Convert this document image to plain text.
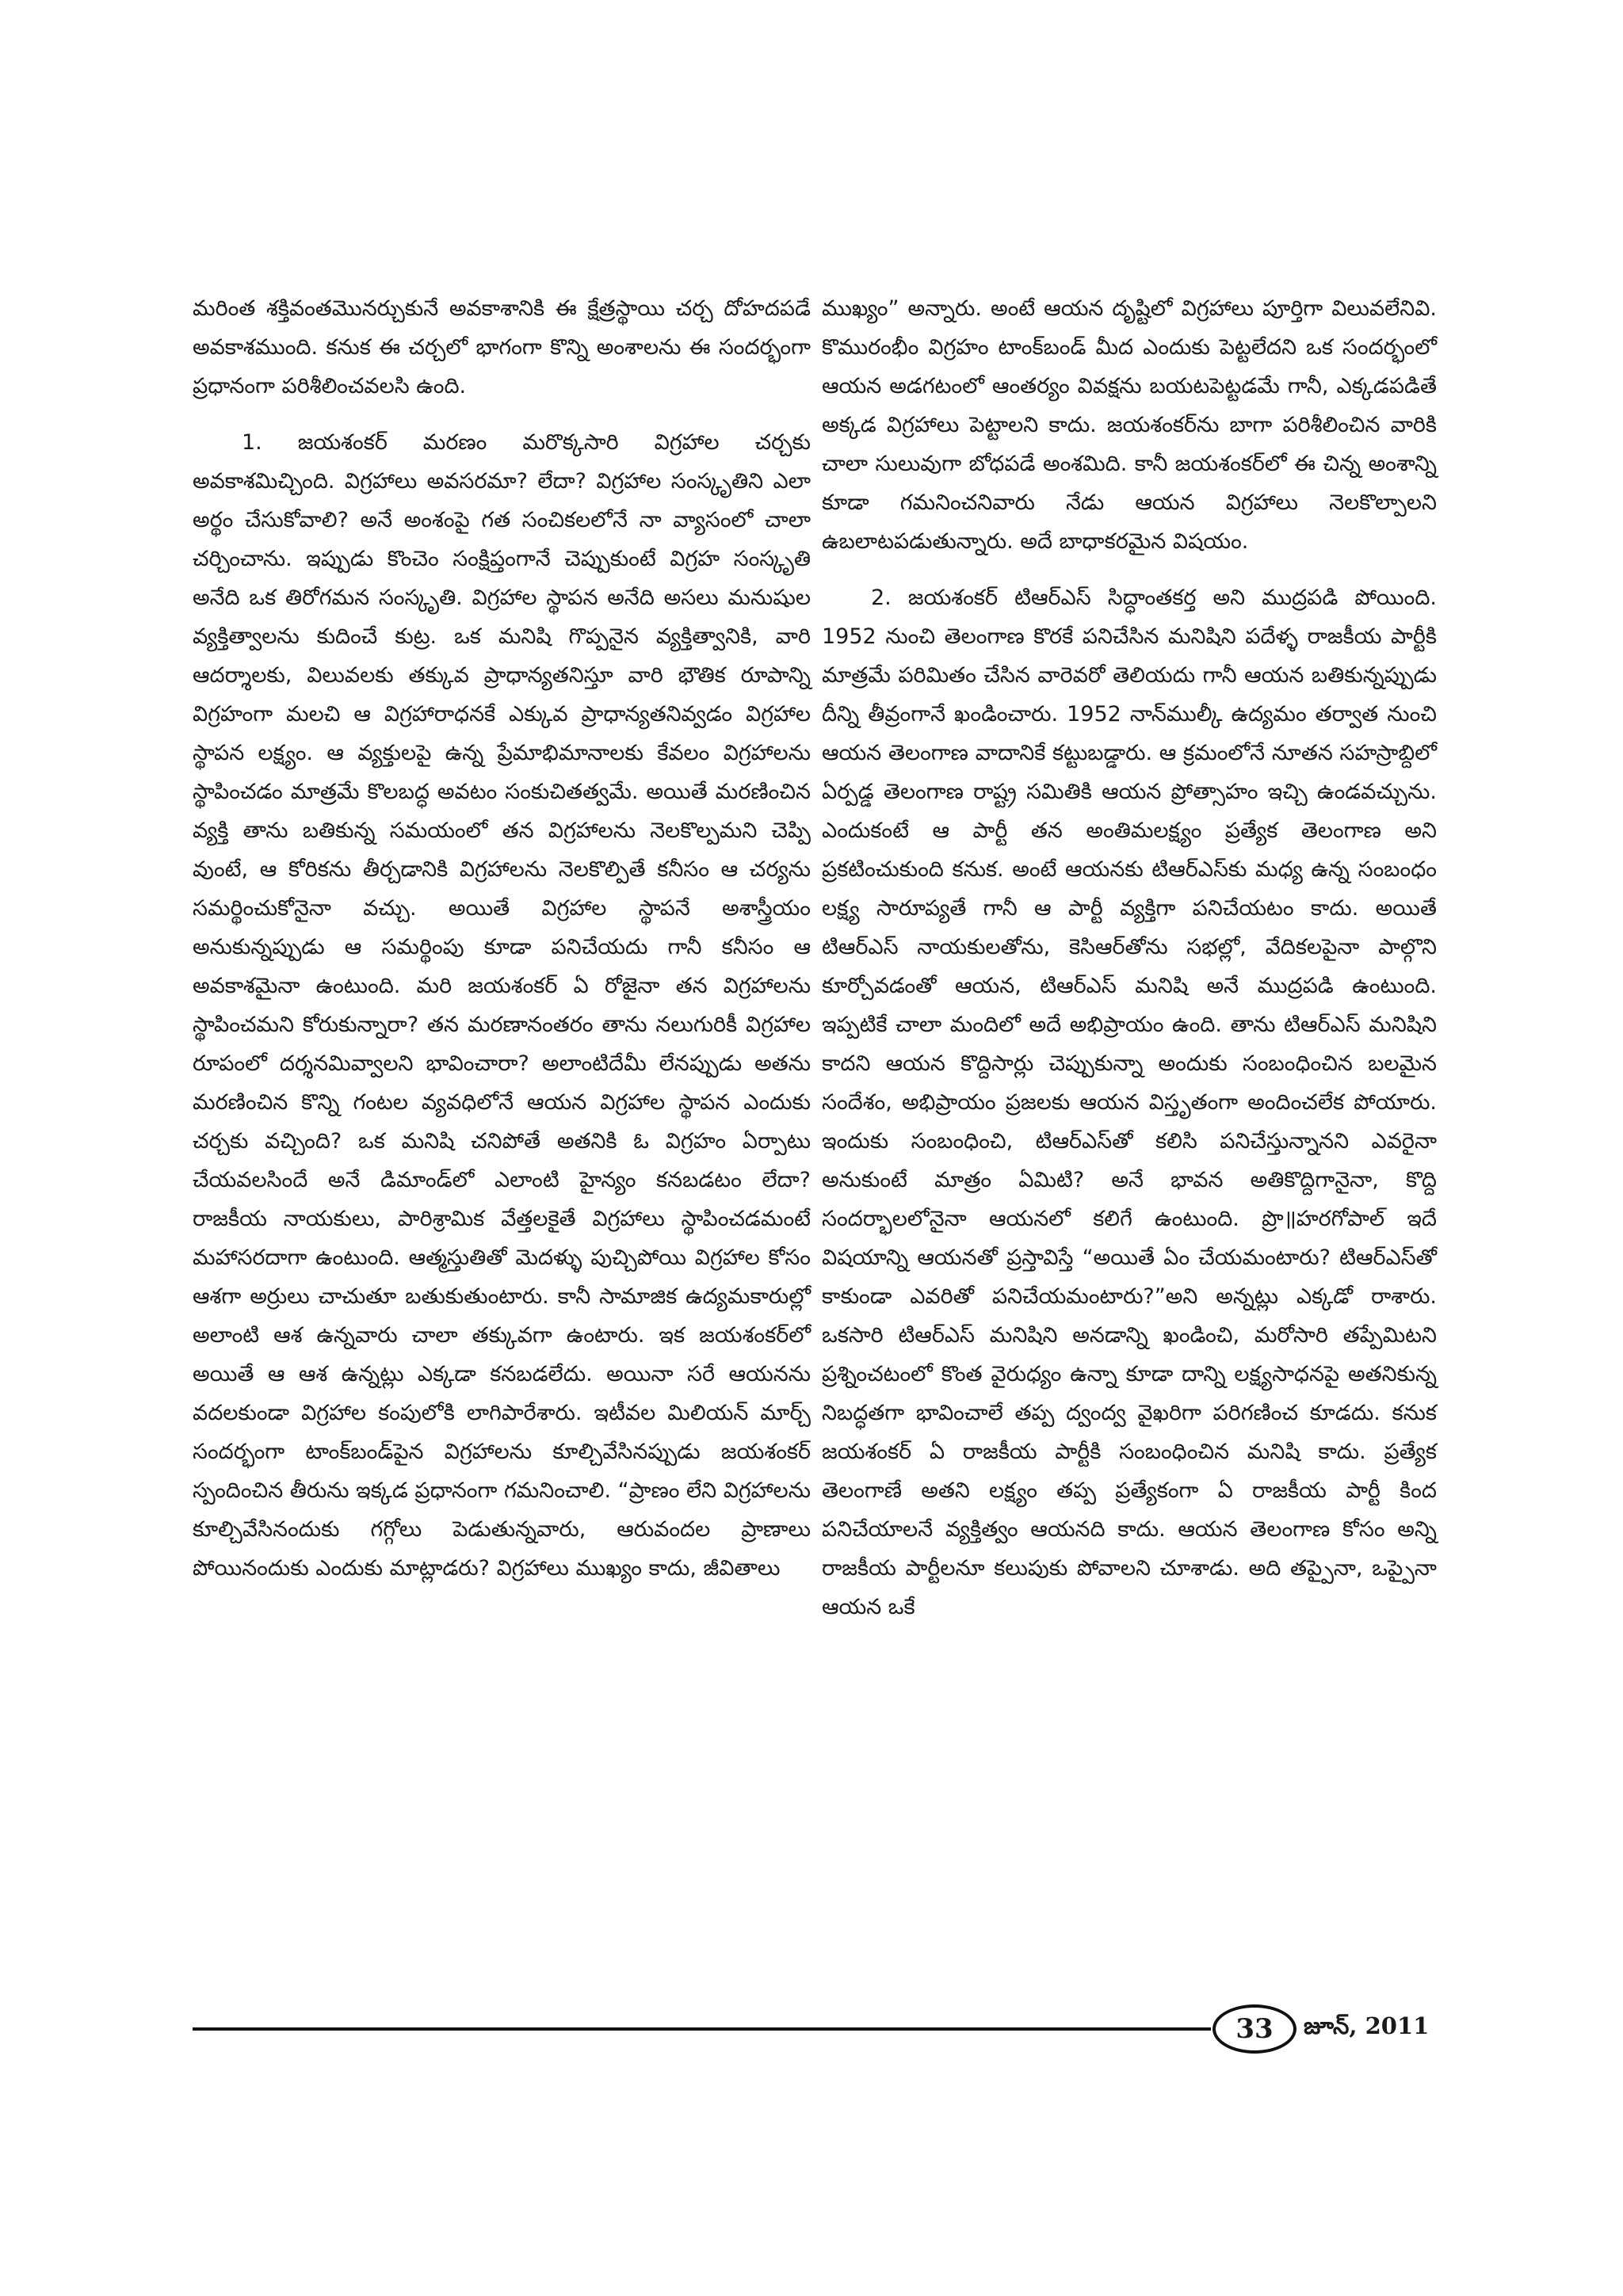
మరింత శక్తివంతమొనర్చుకునే అవకాశానికి ఈ క్షేత్రస్థాయి చర్చ దోహదపడే అవకాశముంది. కనుక ఈ చర్చలో భాగంగా కొన్ని అంశాలను ఈ సందర్భంగా ప్రధానంగా పరిశీలించవలసి ఉంది.

1. జయశంకర్ మరణం మరొక్కసారి విగ్రహాల చర్చకు అవకాశమిచ్చింది. విగ్రహాలు అవసరమా? లేదా? విగ్రహాల సంస్కృతిని ఎలా అర్థం చేసుకోవాలి? అనే అంశంపై గత సంచికలలోనే నా వ్యాసంలో చాలా చర్చించాను. ఇప్పుడు కొంచెం సంక్షిప్తంగానే చెప్పుకుంటే విగ్రహ సంస్కృతి అనేది ఒక తిరోగమన సంస్కృతి. విగ్రహాల స్థాపన అనేది అసలు మనుషుల వ్యక్తిత్వాలను కుదించే కుట్ర. ఒక మనిషి గొప్పనైన వ్యక్తిత్వానికి, వారి ఆదర్శాలకు, విలువలకు తక్కువ ప్రాధాన్యతనిస్తూ వారి భౌతిక రూపాన్ని విగ్రహంగా మలచి ఆ విగ్రహారాధనకే ఎక్కువ ప్రాధాన్యతనివ్వడం విగ్రహాల స్థాపన లక్ష్యం. ఆ వ్యక్తులపై ఉన్న ప్రేమాభిమానాలకు కేవలం విగ్రహాలను స్థాపించడం మాత్రమే కొలబద్ధ అవటం సంకుచితత్వమే. అయితే మరణించిన వ్యక్తి తాను బతికున్న సమయంలో తన విగ్రహాలను నెలకొల్పమని చెప్పి వుంటే, ఆ కోరికను తీర్చడానికి విగ్రహాలను నెలకొల్పితే కనీసం ఆ చర్యను సమర్థించుకోనైనా వచ్చు. అయితే విగ్రహాల స్థాపనే అశాస్త్రీయం అనుకున్నప్పుడు ఆ సమర్థింపు కూడా పనిచేయదు గానీ కనీసం ఆ అవకాశమైనా ఉంటుంది. మరి జయశంకర్ ఏ రోజైనా తన విగ్రహాలను స్థాపించమని కోరుకున్నారా? తన మరణానంతరం తాను నలుగురికీ విగ్రహాల రూపంలో దర్శనమివ్వాలని భావించారా? అలాంటిదేమీ లేనప్పుడు అతను మరణించిన కొన్ని గంటల వ్యవధిలోనే ఆయన విగ్రహాల స్థాపన ఎందుకు చర్చకు వచ్చింది? ఒక మనిషి చనిపోతే అతనికి ఓ విగ్రహం ఏర్పాటు చేయవలసిందే అనే డిమాండ్‌లో ఎలాంటి హైన్యం కనబడటం లేదా? రాజకీయ నాయకులు, పారిశ్రామిక వేత్తలకైతే విగ్రహాలు స్థాపించడమంటే మహాసరదాగా ఉంటుంది. ఆత్మస్తుతితో మెదళ్ళు పుచ్చిపోయి విగ్రహాల కోసం ఆశగా అర్రులు చాచుతూ బతుకుతుంటారు. కానీ సామాజిక ఉద్యమకారుల్లో అలాంటి ఆశ ఉన్నవారు చాలా తక్కువగా ఉంటారు. ఇక జయశంకర్‌లో అయితే ఆ ఆశ ఉన్నట్లు ఎక్కడా కనబడలేదు. అయినా సరే ఆయనను వదలకుండా విగ్రహాల కంపులోకి లాగిపారేశారు. ఇటీవల మిలియన్ మార్చ్ సందర్భంగా టాంక్‌బండ్‌పైన విగ్రహాలను కూల్చివేసినప్పుడు జయశంకర్ స్పందించిన తీరును ఇక్కడ ప్రధానంగా గమనించాలి. “ప్రాణం లేని విగ్రహాలను కూల్చివేసినందుకు గగ్గోలు పెడుతున్నవారు, ఆరువందల ప్రాణాలు పోయినందుకు ఎందుకు మాట్లాడరు? విగ్రహాలు ముఖ్యం కాదు, జీవితాలు

ముఖ్యం” అన్నారు. అంటే ఆయన దృష్టిలో విగ్రహాలు పూర్తిగా విలువలేనివి. కొమురంభీం విగ్రహం టాంక్‌బండ్ మీద ఎందుకు పెట్టలేదని ఒక సందర్భంలో ఆయన అడగటంలో ఆంతర్యం వివక్షను బయటపెట్టడమే గానీ, ఎక్కడపడితే అక్కడ విగ్రహాలు పెట్టాలని కాదు. జయశంకర్‌ను బాగా పరిశీలించిన వారికి చాలా సులువుగా బోధపడే అంశమిది. కానీ జయశంకర్‌లో ఈ చిన్న అంశాన్ని కూడా గమనించనివారు నేడు ఆయన విగ్రహాలు నెలకొల్పాలని ఉబలాటపడుతున్నారు. అదే బాధాకరమైన విషయం.

2. జయశంకర్ టిఆర్‌ఎస్ సిద్ధాంతకర్త అని ముద్రపడి పోయింది. 1952 నుంచి తెలంగాణ కొరకే పనిచేసిన మనిషిని పదేళ్ళ రాజకీయ పార్టీకి మాత్రమే పరిమితం చేసిన వారెవరో తెలియదు గానీ ఆయన బతికున్నప్పుడు దీన్ని తీవ్రంగానే ఖండించారు. 1952 నాన్‌ముల్కీ ఉద్యమం తర్వాత నుంచి ఆయన తెలంగాణ వాదానికే కట్టుబడ్డారు. ఆ క్రమంలోనే నూతన సహస్రాబ్దిలో ఏర్పడ్డ తెలంగాణ రాష్ట్ర సమితికి ఆయన ప్రోత్సాహం ఇచ్చి ఉండవచ్చును. ఎందుకంటే ఆ పార్టీ తన అంతిమలక్ష్యం ప్రత్యేక తెలంగాణ అని ప్రకటించుకుంది కనుక. అంటే ఆయనకు టిఆర్‌ఎస్‌కు మధ్య ఉన్న సంబంధం లక్ష్య సారూప్యతే గానీ ఆ పార్టీ వ్యక్తిగా పనిచేయటం కాదు. అయితే టిఆర్‌ఎస్ నాయకులతోను, కెసిఆర్‌తోను సభల్లో, వేదికలపైనా పాల్గొని కూర్చోవడంతో ఆయన, టిఆర్‌ఎస్ మనిషి అనే ముద్రపడి ఉంటుంది. ఇప్పటికే చాలా మందిలో అదే అభిప్రాయం ఉంది. తాను టిఆర్‌ఎస్ మనిషిని కాదని ఆయన కొద్దిసార్లు చెప్పుకున్నా అందుకు సంబంధించిన బలమైన సందేశం, అభిప్రాయం ప్రజలకు ఆయన విస్తృతంగా అందించలేక పోయారు. ఇందుకు సంబంధించి, టిఆర్‌ఎస్‌తో కలిసి పనిచేస్తున్నానని ఎవరైనా అనుకుంటే మాత్రం ఏమిటి? అనే భావన అతికొద్దిగానైనా, కొద్ది సందర్భాలలోనైనా ఆయనలో కలిగే ఉంటుంది. ప్రొ॥హరగోపాల్ ఇదే విషయాన్ని ఆయనతో ప్రస్తావిస్తే “అయితే ఏం చేయమంటారు? టిఆర్‌ఎస్‌తో కాకుండా ఎవరితో పనిచేయమంటారు?”అని అన్నట్లు ఎక్కడో రాశారు. ఒకసారి టిఆర్‌ఎస్ మనిషిని అనడాన్ని ఖండించి, మరోసారి తప్పేమిటని ప్రశ్నించటంలో కొంత వైరుధ్యం ఉన్నా కూడా దాన్ని లక్ష్యసాధనపై అతనికున్న నిబద్ధతగా భావించాలే తప్ప ద్వంద్వ వైఖరిగా పరిగణించ కూడదు. కనుక జయశంకర్ ఏ రాజకీయ పార్టీకి సంబంధించిన మనిషి కాదు. ప్రత్యేక తెలంగాణే అతని లక్ష్యం తప్ప ప్రత్యేకంగా ఏ రాజకీయ పార్టీ కింద పనిచేయాలనే వ్యక్తిత్వం ఆయనది కాదు. ఆయన తెలంగాణ కోసం అన్ని రాజకీయ పార్టీలనూ కలుపుకు పోవాలని చూశాడు. అది తప్పైనా, ఒప్పైనా ఆయన ఒకే

33 జూన్, 2011
